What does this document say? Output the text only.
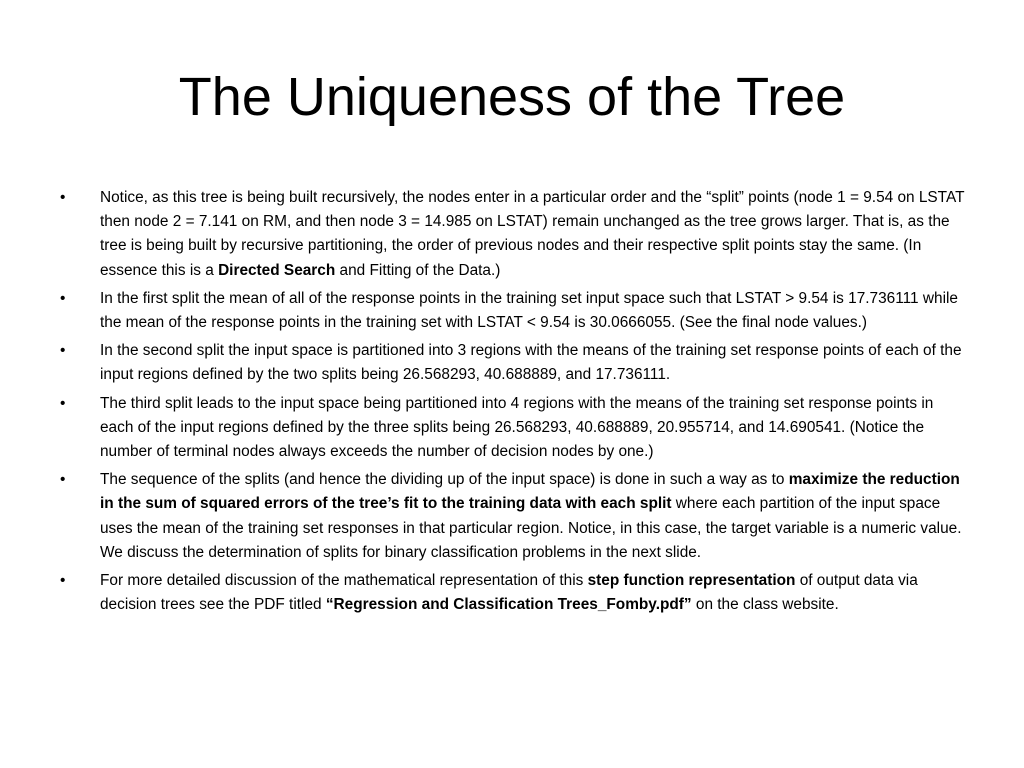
The Uniqueness of the Tree
•	Notice, as this tree is being built recursively, the nodes enter in a particular order and the “split” points (node 1 = 9.54 on LSTAT then node 2 = 7.141 on RM, and then node 3 = 14.985 on LSTAT) remain unchanged as the tree grows larger. That is, as the tree is being built by recursive partitioning, the order of previous nodes and their respective split points stay the same. (In essence this is a Directed Search and Fitting of the Data.)
•	In the first split the mean of all of the response points in the training set input space such that LSTAT > 9.54 is 17.736111 while the mean of the response points in the training set with LSTAT < 9.54 is 30.0666055. (See the final node values.)
•	In the second split the input space is partitioned into 3 regions with the means of the training set response points of each of the input regions defined by the two splits being 26.568293, 40.688889, and 17.736111.
•	The third split leads to the input space being partitioned into 4 regions with the means of the training set response points in each of the input regions defined by the three splits being 26.568293, 40.688889, 20.955714, and 14.690541. (Notice the number of terminal nodes always exceeds the number of decision nodes by one.)
•	The sequence of the splits (and hence the dividing up of the input space) is done in such a way as to maximize the reduction in the sum of squared errors of the tree’s fit to the training data with each split where each partition of the input space uses the mean of the training set responses in that particular region. Notice, in this case, the target variable is a numeric value. We discuss the determination of splits for binary classification problems in the next slide.
•	For more detailed discussion of the mathematical representation of this step function representation of output data via decision trees see the PDF titled “Regression and Classification Trees_Fomby.pdf” on the class website.
